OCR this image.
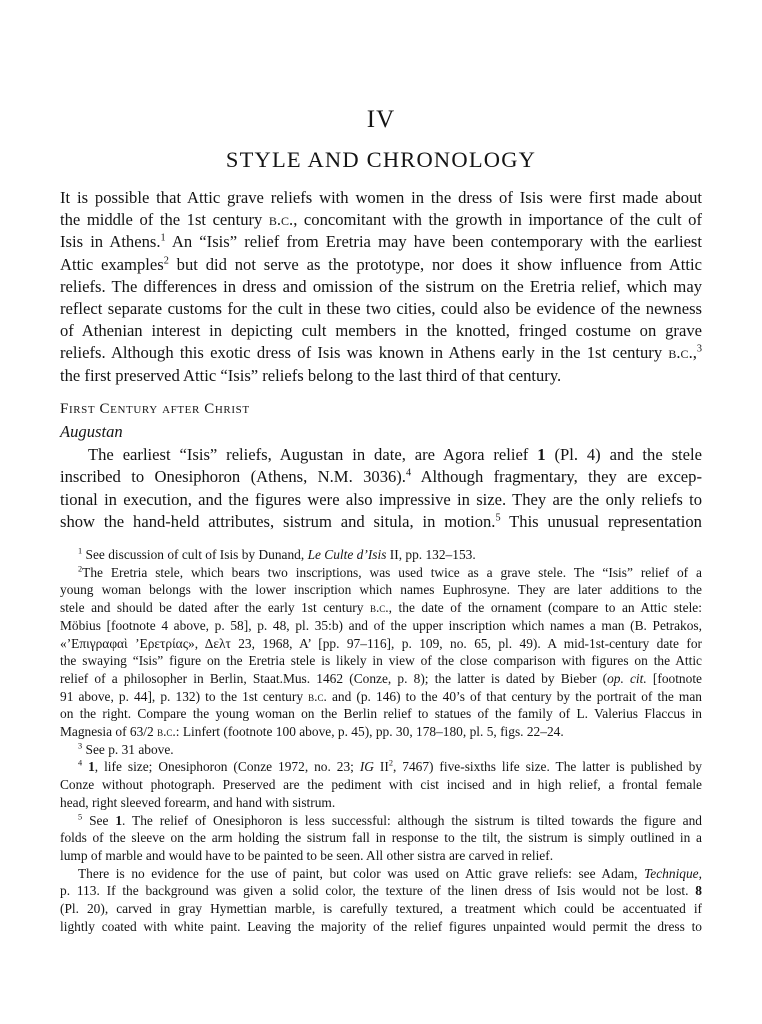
IV
STYLE AND CHRONOLOGY
It is possible that Attic grave reliefs with women in the dress of Isis were first made about
the middle of the 1st century b.c., concomitant with the growth in importance of the cult of
Isis in Athens.$^1$ An “Isis” relief from Eretria may have been contemporary with the earliest
Attic examples$^2$ but did not serve as the prototype, nor does it show influence from Attic
reliefs. The differences in dress and omission of the sistrum on the Eretria relief, which may
reflect separate customs for the cult in these two cities, could also be evidence of the newness
of Athenian interest in depicting cult members in the knotted, fringed costume on grave
reliefs. Although this exotic dress of Isis was known in Athens early in the 1st century b.c.,$^3$
the first preserved Attic “Isis” reliefs belong to the last third of that century.
First Century after Christ
Augustan
The earliest “Isis” reliefs, Augustan in date, are Agora relief 1 (Pl. 4) and the stele
inscribed to Onesiphoron (Athens, N.M. 3036).$^4$ Although fragmentary, they are excep-
tional in execution, and the figures were also impressive in size. They are the only reliefs to
show the hand-held attributes, sistrum and situla, in motion.$^5$ This unusual representation

$^1$ See discussion of cult of Isis by Dunand, Le Culte d’Isis II, pp. 132–153.

$^2$The Eretria stele, which bears two inscriptions, was used twice as a grave stele. The “Isis” relief of a
young woman belongs with the lower inscription which names Euphrosyne. They are later additions to the
stele and should be dated after the early 1st century b.c., the date of the ornament (compare to an Attic stele:
Möbius [footnote 4 above, p. 58], p. 48, pl. 35:b) and of the upper inscription which names a man (B. Petrakos,
«’Επιγραφαὶ ’Ερετρίας», Δελτ 23, 1968, Α’ [pp. 97–116], p. 109, no. 65, pl. 49). A mid-1st-century date for
the swaying “Isis” figure on the Eretria stele is likely in view of the close comparison with figures on the Attic
relief of a philosopher in Berlin, Staat.Mus. 1462 (Conze, p. 8); the latter is dated by Bieber (op. cit. [footnote
91 above, p. 44], p. 132) to the 1st century b.c. and (p. 146) to the 40’s of that century by the portrait of the man
on the right. Compare the young woman on the Berlin relief to statues of the family of L. Valerius Flaccus in
Magnesia of 63/2 b.c.: Linfert (footnote 100 above, p. 45), pp. 30, 178–180, pl. 5, figs. 22–24.

$^3$ See p. 31 above.

$^4$ 1, life size; Onesiphoron (Conze 1972, no. 23; IG $II^2$, 7467) five-sixths life size. The latter is published by
Conze without photograph. Preserved are the pediment with cist incised and in high relief, a frontal female
head, right sleeved forearm, and hand with sistrum.
$^5$ See 1. The relief of Onesiphoron is less successful: although the sistrum is tilted towards the figure and
folds of the sleeve on the arm holding the sistrum fall in response to the tilt, the sistrum is simply outlined in a
lump of marble and would have to be painted to be seen. All other sistra are carved in relief.
There is no evidence for the use of paint, but color was used on Attic grave reliefs: see Adam, Technique,
p. 113. If the background was given a solid color, the texture of the linen dress of Isis would not be lost. 8
(Pl. 20), carved in gray Hymettian marble, is carefully textured, a treatment which could be accentuated if
lightly coated with white paint. Leaving the majority of the relief figures unpainted would permit the dress to
